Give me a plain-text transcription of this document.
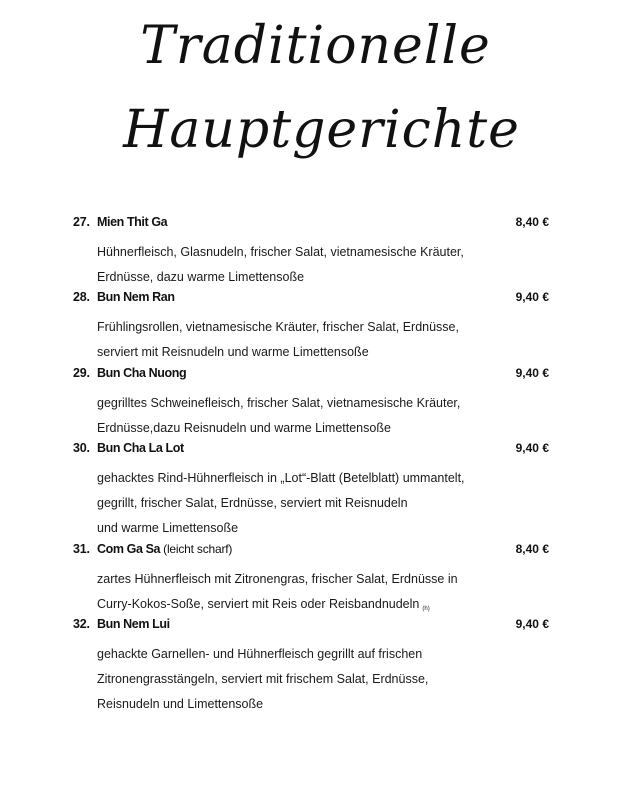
Traditionelle
Hauptgerichte
27. Mien Thit Ga	8,40 €
Hühnerfleisch, Glasnudeln, frischer Salat, vietnamesische Kräuter,
Erdnüsse, dazu warme Limettensoße
28. Bun Nem Ran	9,40 €
Frühlingsrollen, vietnamesische Kräuter, frischer Salat, Erdnüsse,
serviert mit Reisnudeln und warme Limettensoße
29. Bun Cha Nuong	9,40 €
gegrilltes Schweinefleisch, frischer Salat, vietnamesische Kräuter,
Erdnüsse,dazu Reisnudeln und warme Limettensoße
30. Bun Cha La Lot	9,40 €
gehacktes Rind-Hühnerfleisch in „Lot“-Blatt (Betelblatt) ummantelt,
gegrillt, frischer Salat, Erdnüsse, serviert mit Reisnudeln
und warme Limettensoße
31. Com Ga Sa (leicht scharf)	8,40 €
zartes Hühnerfleisch mit Zitronengras, frischer Salat, Erdnüsse in
Curry-Kokos-Soße, serviert mit Reis oder Reisbandnudeln (h)
32. Bun Nem Lui	9,40 €
gehackte Garnellen- und Hühnerfleisch gegrillt auf frischen
Zitronengrasstängeln, serviert mit frischem Salat, Erdnüsse,
Reisnudeln und Limettensoße
